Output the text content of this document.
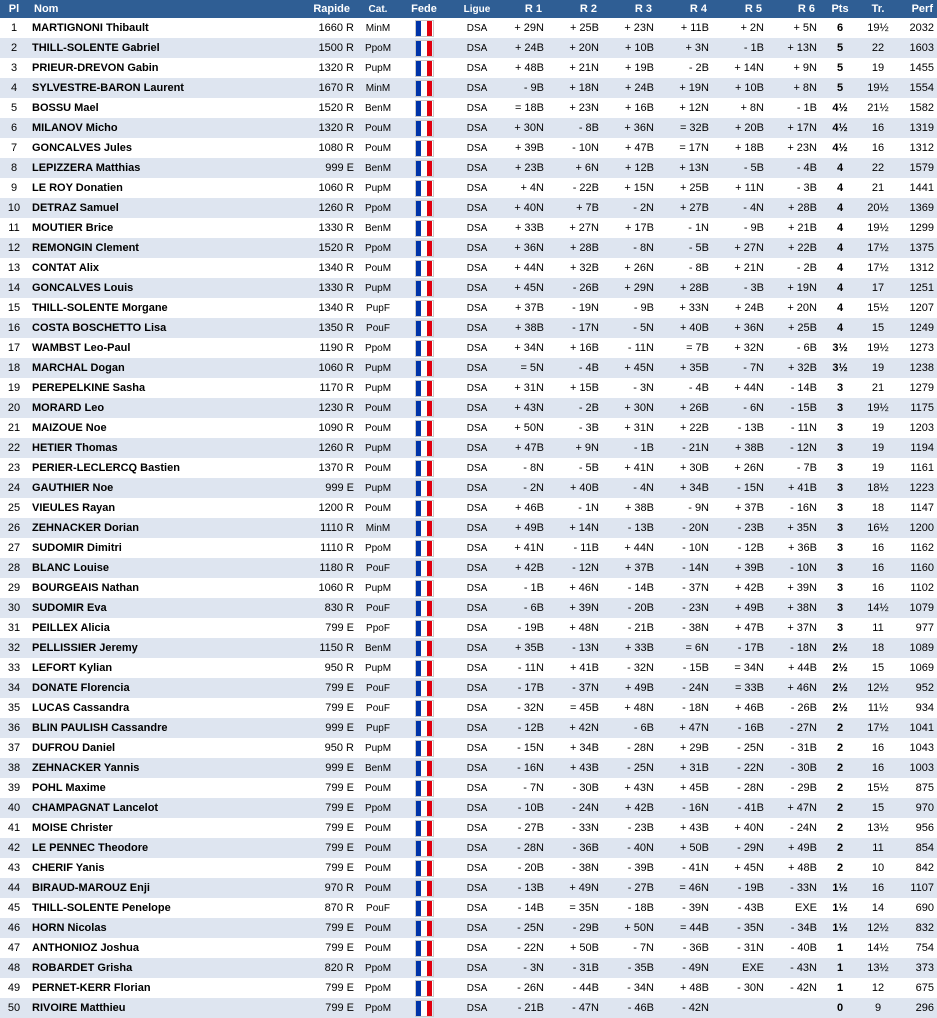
Pl	Nom	Rapide	Cat.	Fede	Ligue	R 1	R 2	R 3	R 4	R 5	R 6	Pts	Tr.	Perf
1	MARTIGNONI Thibault	1660 R	MinM		DSA	+ 29N	+ 25B	+ 23N	+ 11B	+ 2N	+ 5N	6	19½	2032
2	THILL-SOLENTE Gabriel	1500 R	PpoM		DSA	+ 24B	+ 20N	+ 10B	+ 3N	- 1B	+ 13N	5	22	1603
3	PRIEUR-DREVON Gabin	1320 R	PupM		DSA	+ 48B	+ 21N	+ 19B	- 2B	+ 14N	+ 9N	5	19	1455
4	SYLVESTRE-BARON Laurent	1670 R	MinM		DSA	- 9B	+ 18N	+ 24B	+ 19N	+ 10B	+ 8N	5	19½	1554
5	BOSSU Mael	1520 R	BenM		DSA	= 18B	+ 23N	+ 16B	+ 12N	+ 8N	- 1B	4½	21½	1582
6	MILANOV Micho	1320 R	PouM		DSA	+ 30N	- 8B	+ 36N	= 32B	+ 20B	+ 17N	4½	16	1319
7	GONCALVES Jules	1080 R	PouM		DSA	+ 39B	- 10N	+ 47B	= 17N	+ 18B	+ 23N	4½	16	1312
8	LEPIZZERA Matthias	999 E	BenM		DSA	+ 23B	+ 6N	+ 12B	+ 13N	- 5B	- 4B	4	22	1579
9	LE ROY Donatien	1060 R	PupM		DSA	+ 4N	- 22B	+ 15N	+ 25B	+ 11N	- 3B	4	21	1441
10	DETRAZ Samuel	1260 R	PpoM		DSA	+ 40N	+ 7B	- 2N	+ 27B	- 4N	+ 28B	4	20½	1369
11	MOUTIER Brice	1330 R	BenM		DSA	+ 33B	+ 27N	+ 17B	- 1N	- 9B	+ 21B	4	19½	1299
12	REMONGIN Clement	1520 R	PpoM		DSA	+ 36N	+ 28B	- 8N	- 5B	+ 27N	+ 22B	4	17½	1375
13	CONTAT Alix	1340 R	PouM		DSA	+ 44N	+ 32B	+ 26N	- 8B	+ 21N	- 2B	4	17½	1312
14	GONCALVES Louis	1330 R	PupM		DSA	+ 45N	- 26B	+ 29N	+ 28B	- 3B	+ 19N	4	17	1251
15	THILL-SOLENTE Morgane	1340 R	PupF		DSA	+ 37B	- 19N	- 9B	+ 33N	+ 24B	+ 20N	4	15½	1207
16	COSTA BOSCHETTO Lisa	1350 R	PouF		DSA	+ 38B	- 17N	- 5N	+ 40B	+ 36N	+ 25B	4	15	1249
17	WAMBST Leo-Paul	1190 R	PpoM		DSA	+ 34N	+ 16B	- 11N	= 7B	+ 32N	- 6B	3½	19½	1273
18	MARCHAL Dogan	1060 R	PupM		DSA	= 5N	- 4B	+ 45N	+ 35B	- 7N	+ 32B	3½	19	1238
19	PEREPELKINE Sasha	1170 R	PupM		DSA	+ 31N	+ 15B	- 3N	- 4B	+ 44N	- 14B	3	21	1279
20	MORARD Leo	1230 R	PouM		DSA	+ 43N	- 2B	+ 30N	+ 26B	- 6N	- 15B	3	19½	1175
21	MAIZOUE Noe	1090 R	PouM		DSA	+ 50N	- 3B	+ 31N	+ 22B	- 13B	- 11N	3	19	1203
22	HETIER Thomas	1260 R	PupM		DSA	+ 47B	+ 9N	- 1B	- 21N	+ 38B	- 12N	3	19	1194
23	PERIER-LECLERCQ Bastien	1370 R	PouM		DSA	- 8N	- 5B	+ 41N	+ 30B	+ 26N	- 7B	3	19	1161
24	GAUTHIER Noe	999 E	PupM		DSA	- 2N	+ 40B	- 4N	+ 34B	- 15N	+ 41B	3	18½	1223
25	VIEULES Rayan	1200 R	PouM		DSA	+ 46B	- 1N	+ 38B	- 9N	+ 37B	- 16N	3	18	1147
26	ZEHNACKER Dorian	1110 R	MinM		DSA	+ 49B	+ 14N	- 13B	- 20N	- 23B	+ 35N	3	16½	1200
27	SUDOMIR Dimitri	1110 R	PpoM		DSA	+ 41N	- 11B	+ 44N	- 10N	- 12B	+ 36B	3	16	1162
28	BLANC Louise	1180 R	PouF		DSA	+ 42B	- 12N	+ 37B	- 14N	+ 39B	- 10N	3	16	1160
29	BOURGEAIS Nathan	1060 R	PupM		DSA	- 1B	+ 46N	- 14B	- 37N	+ 42B	+ 39N	3	16	1102
30	SUDOMIR Eva	830 R	PouF		DSA	- 6B	+ 39N	- 20B	- 23N	+ 49B	+ 38N	3	14½	1079
31	PEILLEX Alicia	799 E	PpoF		DSA	- 19B	+ 48N	- 21B	- 38N	+ 47B	+ 37N	3	11	977
32	PELLISSIER Jeremy	1150 R	BenM		DSA	+ 35B	- 13N	+ 33B	= 6N	- 17B	- 18N	2½	18	1089
33	LEFORT Kylian	950 R	PupM		DSA	- 11N	+ 41B	- 32N	- 15B	= 34N	+ 44B	2½	15	1069
34	DONATE Florencia	799 E	PouF		DSA	- 17B	- 37N	+ 49B	- 24N	= 33B	+ 46N	2½	12½	952
35	LUCAS Cassandra	799 E	PouF		DSA	- 32N	= 45B	+ 48N	- 18N	+ 46B	- 26B	2½	11½	934
36	BLIN PAULISH Cassandre	999 E	PupF		DSA	- 12B	+ 42N	- 6B	+ 47N	- 16B	- 27N	2	17½	1041
37	DUFROU Daniel	950 R	PupM		DSA	- 15N	+ 34B	- 28N	+ 29B	- 25N	- 31B	2	16	1043
38	ZEHNACKER Yannis	999 E	BenM		DSA	- 16N	+ 43B	- 25N	+ 31B	- 22N	- 30B	2	16	1003
39	POHL Maxime	799 E	PouM		DSA	- 7N	- 30B	+ 43N	+ 45B	- 28N	- 29B	2	15½	875
40	CHAMPAGNAT Lancelot	799 E	PpoM		DSA	- 10B	- 24N	+ 42B	- 16N	- 41B	+ 47N	2	15	970
41	MOISE Christer	799 E	PouM		DSA	- 27B	- 33N	- 23B	+ 43B	+ 40N	- 24N	2	13½	956
42	LE PENNEC Theodore	799 E	PouM		DSA	- 28N	- 36B	- 40N	+ 50B	- 29N	+ 49B	2	11	854
43	CHERIF Yanis	799 E	PouM		DSA	- 20B	- 38N	- 39B	- 41N	+ 45N	+ 48B	2	10	842
44	BIRAUD-MAROUZ Enji	970 R	PouM		DSA	- 13B	+ 49N	- 27B	= 46N	- 19B	- 33N	1½	16	1107
45	THILL-SOLENTE Penelope	870 R	PouF		DSA	- 14B	= 35N	- 18B	- 39N	- 43B	EXE	1½	14	690
46	HORN Nicolas	799 E	PouM		DSA	- 25N	- 29B	+ 50N	= 44B	- 35N	- 34B	1½	12½	832
47	ANTHONIOZ Joshua	799 E	PouM		DSA	- 22N	+ 50B	- 7N	- 36B	- 31N	- 40B	1	14½	754
48	ROBARDET Grisha	820 R	PpoM		DSA	- 3N	- 31B	- 35B	- 49N	EXE	- 43N	1	13½	373
49	PERNET-KERR Florian	799 E	PpoM		DSA	- 26N	- 44B	- 34N	+ 48B	- 30N	- 42N	1	12	675
50	RIVOIRE Matthieu	799 E	PpoM		DSA	- 21B	- 47N	- 46B	- 42N			0	9	296
